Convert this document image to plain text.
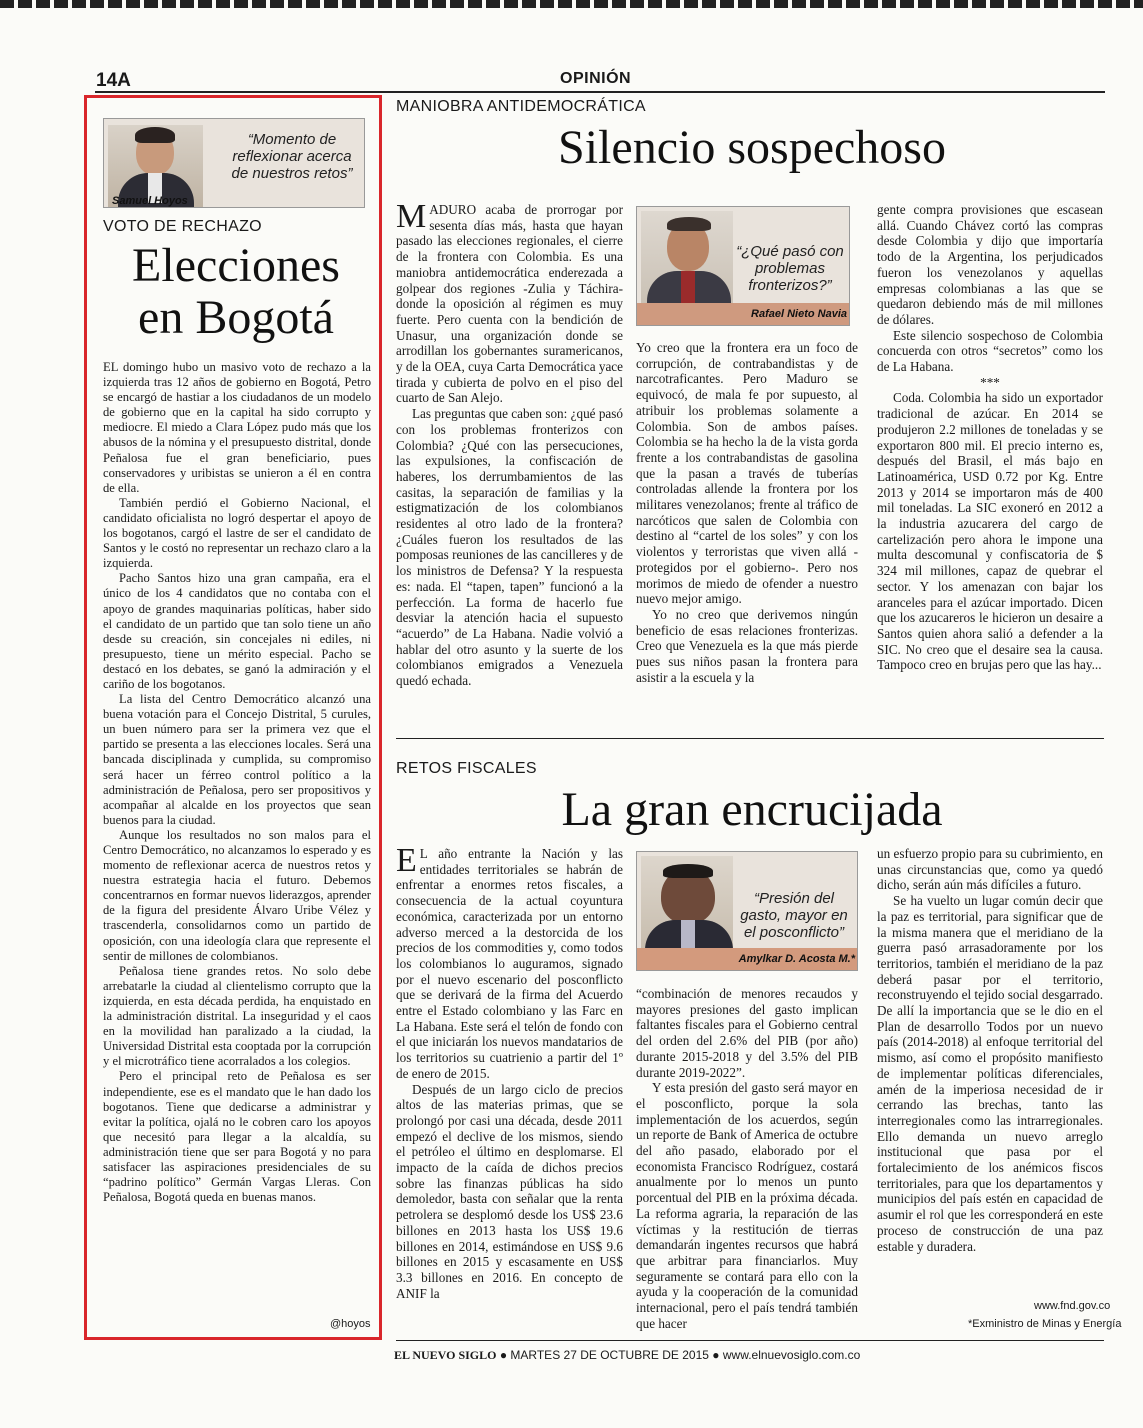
14A	OPINIÓN
Samuel Hoyos
“Momento de reflexionar acerca de nuestros retos”
VOTO DE RECHAZO
Elecciones
en Bogotá

EL domingo hubo un masivo voto de rechazo a la izquierda tras 12 años de gobierno en Bogotá, Petro se encargó de hastiar a los ciudadanos de un modelo de gobierno que en la capital ha sido corrupto y mediocre. El miedo a Clara López pudo más que los abusos de la nómina y el presupuesto distrital, donde Peñalosa fue el gran beneficiario, pues conservadores y uribistas se unieron a él en contra de ella.

También perdió el Gobierno Nacional, el candidato oficialista no logró despertar el apoyo de los bogotanos, cargó el lastre de ser el candidato de Santos y le costó no representar un rechazo claro a la izquierda.

Pacho Santos hizo una gran campaña, era el único de los 4 candidatos que no contaba con el apoyo de grandes maquinarias políticas, haber sido el candidato de un partido que tan solo tiene un año desde su creación, sin concejales ni ediles, ni presupuesto, tiene un mérito especial. Pacho se destacó en los debates, se ganó la admiración y el cariño de los bogotanos.

La lista del Centro Democrático alcanzó una buena votación para el Concejo Distrital, 5 curules, un buen número para ser la primera vez que el partido se presenta a las elecciones locales. Será una bancada disciplinada y cumplida, su compromiso será hacer un férreo control político a la administración de Peñalosa, pero ser propositivos y acompañar al alcalde en los proyectos que sean buenos para la ciudad.

Aunque los resultados no son malos para el Centro Democrático, no alcanzamos lo esperado y es momento de reflexionar acerca de nuestros retos y nuestra estrategia hacia el futuro. Debemos concentrarnos en formar nuevos liderazgos, aprender de la figura del presidente Álvaro Uribe Vélez y trascenderla, consolidarnos como un partido de oposición, con una ideología clara que represente el sentir de millones de colombianos.

Peñalosa tiene grandes retos. No solo debe arrebatarle la ciudad al clientelismo corrupto que la izquierda, en esta década perdida, ha enquistado en la administración distrital. La inseguridad y el caos en la movilidad han paralizado a la ciudad, la Universidad Distrital esta cooptada por la corrupción y el microtráfico tiene acorralados a los colegios.

Pero el principal reto de Peñalosa es ser independiente, ese es el mandato que le han dado los bogotanos. Tiene que dedicarse a administrar y evitar la política, ojalá no le cobren caro los apoyos que necesitó para llegar a la alcaldía, su administración tiene que ser para Bogotá y no para satisfacer las aspiraciones presidenciales de su “padrino político” Germán Vargas Lleras. Con Peñalosa, Bogotá queda en buenas manos.

@hoyos
MANIOBRA ANTIDEMOCRÁTICA
Silencio sospechoso

MADURO acaba de prorrogar por sesenta días más, hasta que hayan pasado las elecciones regionales, el cierre de la frontera con Colombia. Es una maniobra antidemocrática enderezada a golpear dos regiones -Zulia y Táchira- donde la oposición al régimen es muy fuerte. Pero cuenta con la bendición de Unasur, una organización donde se arrodillan los gobernantes suramericanos, y de la OEA, cuya Carta Democrática yace tirada y cubierta de polvo en el piso del cuarto de San Alejo.

Las preguntas que caben son: ¿qué pasó con los problemas fronterizos con Colombia? ¿Qué con las persecuciones, las expulsiones, la confiscación de haberes, los derrumbamientos de las casitas, la separación de familias y la estigmatización de los colombianos residentes al otro lado de la frontera? ¿Cuáles fueron los resultados de las pomposas reuniones de las cancilleres y de los ministros de Defensa? Y la respuesta es: nada. El “tapen, tapen” funcionó a la perfección. La forma de hacerlo fue desviar la atención hacia el supuesto “acuerdo” de La Habana. Nadie volvió a hablar del otro asunto y la suerte de los colombianos emigrados a Venezuela quedó echada.

Rafael Nieto Navia
“¿Qué pasó con problemas fronterizos?”

Yo creo que la frontera era un foco de corrupción, de contrabandistas y de narcotraficantes. Pero Maduro se equivocó, de mala fe por supuesto, al atribuir los problemas solamente a Colombia. Son de ambos países. Colombia se ha hecho la de la vista gorda frente a los contrabandistas de gasolina que la pasan a través de tuberías controladas allende la frontera por los militares venezolanos; frente al tráfico de narcóticos que salen de Colombia con destino al “cartel de los soles” y con los violentos y terroristas que viven allá -protegidos por el gobierno-. Pero nos morimos de miedo de ofender a nuestro nuevo mejor amigo.

Yo no creo que derivemos ningún beneficio de esas relaciones fronterizas. Creo que Venezuela es la que más pierde pues sus niños pasan la frontera para asistir a la escuela y la

gente compra provisiones que escasean allá. Cuando Chávez cortó las compras desde Colombia y dijo que importaría todo de la Argentina, los perjudicados fueron los venezolanos y aquellas empresas colombianas a las que se quedaron debiendo más de mil millones de dólares.

Este silencio sospechoso de Colombia concuerda con otros “secretos” como los de La Habana.

***

Coda. Colombia ha sido un exportador tradicional de azúcar. En 2014 se produjeron 2.2 millones de toneladas y se exportaron 800 mil. El precio interno es, después del Brasil, el más bajo en Latinoamérica, USD 0.72 por Kg. Entre 2013 y 2014 se importaron más de 400 mil toneladas. La SIC exoneró en 2012 a la industria azucarera del cargo de cartelización pero ahora le impone una multa descomunal y confiscatoria de $ 324 mil millones, capaz de quebrar el sector. Y los amenazan con bajar los aranceles para el azúcar importado. Dicen que los azucareros le hicieron un desaire a Santos quien ahora salió a defender a la SIC. No creo que el desaire sea la causa. Tampoco creo en brujas pero que las hay...

RETOS FISCALES
La gran encrucijada

E L año entrante la Nación y las entidades territoriales se habrán de enfrentar a enormes retos fiscales, a consecuencia de la actual coyuntura económica, caracterizada por un entorno adverso merced a la destorcida de los precios de los commodities y, como todos los colombianos lo auguramos, signado por el nuevo escenario del posconflicto que se derivará de la firma del Acuerdo entre el Estado colombiano y las Farc en La Habana. Este será el telón de fondo con el que iniciarán los nuevos mandatarios de los territorios su cuatrienio a partir del 1º de enero de 2015.

Después de un largo ciclo de precios altos de las materias primas, que se prolongó por casi una década, desde 2011 empezó el declive de los mismos, siendo el petróleo el último en desplomarse. El impacto de la caída de dichos precios sobre las finanzas públicas ha sido demoledor, basta con señalar que la renta petrolera se desplomó desde los US$ 23.6 billones en 2013 hasta los US$ 19.6 billones en 2014, estimándose en US$ 9.6 billones en 2015 y escasamente en US$ 3.3 billones en 2016. En concepto de ANIF la

Amylkar D. Acosta M.*
“Presión del gasto, mayor en el posconflicto”

“combinación de menores recaudos y mayores presiones del gasto implican faltantes fiscales para el Gobierno central del orden del 2.6% del PIB (por año) durante 2015-2018 y del 3.5% del PIB durante 2019-2022”.

Y esta presión del gasto será mayor en el posconflicto, porque la sola implementación de los acuerdos, según un reporte de Bank of America de octubre del año pasado, elaborado por el economista Francisco Rodríguez, costará anualmente por lo menos un punto porcentual del PIB en la próxima década. La reforma agraria, la reparación de las víctimas y la restitución de tierras demandarán ingentes recursos que habrá que arbitrar para financiarlos. Muy seguramente se contará para ello con la ayuda y la cooperación de la comunidad internacional, pero el país tendrá también que hacer

un esfuerzo propio para su cubrimiento, en unas circunstancias que, como ya quedó dicho, serán aún más difíciles a futuro.

Se ha vuelto un lugar común decir que la paz es territorial, para significar que de la misma manera que el meridiano de la guerra pasó arrasadoramente por los territorios, también el meridiano de la paz deberá pasar por el territorio, reconstruyendo el tejido social desgarrado. De allí la importancia que se le dio en el Plan de desarrollo Todos por un nuevo país (2014-2018) al enfoque territorial del mismo, así como el propósito manifiesto de implementar políticas diferenciales, amén de la imperiosa necesidad de ir cerrando las brechas, tanto las interregionales como las intrarregionales. Ello demanda un nuevo arreglo institucional que pasa por el fortalecimiento de los anémicos fiscos territoriales, para que los departamentos y municipios del país estén en capacidad de asumir el rol que les corresponderá en este proceso de construcción de una paz estable y duradera.

www.fnd.gov.co
*Exministro de Minas y Energía
EL NUEVO SIGLO ● MARTES 27 DE OCTUBRE DE 2015 ● www.elnuevosiglo.com.co
